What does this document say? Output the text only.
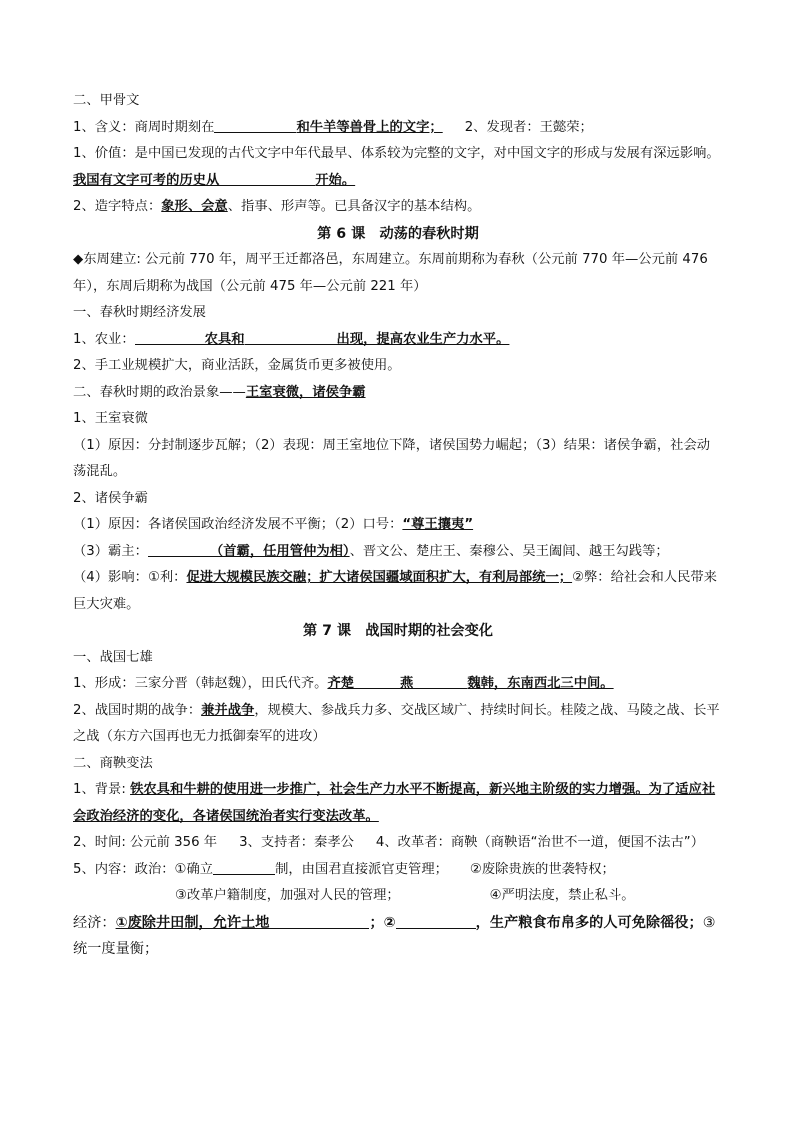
二、甲骨文
1、含义：商周时期刻在	和牛羊等兽骨上的文字； 2、发现者：王懿荣；
1、价值：是中国已发现的古代文字中年代最早、体系较为完整的文字，对中国文字的形成与发展有深远影响。我国有文字可考的历史从	开始。
2、造字特点：象形、会意、指事、形声等。已具备汉字的基本结构。
第 6 课　动荡的春秋时期
◆东周建立: 公元前 770 年，周平王迁都洛邑，东周建立。东周前期称为春秋（公元前 770 年—公元前 476 年），东周后期称为战国（公元前 475 年—公元前 221 年）
一、春秋时期经济发展
1、农业：	农具和	出现，提高农业生产力水平。
2、手工业规模扩大，商业活跃，金属货币更多被使用。
二、春秋时期的政治景象——王室衰微，诸侯争霸
1、王室衰微
（1）原因：分封制逐步瓦解；（2）表现：周王室地位下降，诸侯国势力崛起；（3）结果：诸侯争霸，社会动荡混乱。
2、诸侯争霸
（1）原因：各诸侯国政治经济发展不平衡；（2）口号：“尊王攘夷”
（3）霸主：	（首霸，任用管仲为相）、晋文公、楚庄王、秦穆公、吴王阖闾、越王勾践等；
（4）影响：①利：促进大规模民族交融；扩大诸侯国疆域面积扩大，有利局部统一；②弊：给社会和人民带来巨大灾难。
第 7 课　战国时期的社会变化
一、战国七雄
1、形成：三家分晋（韩赵魏），田氏代齐。齐楚	燕	魏韩，东南西北三中间。
2、战国时期的战争：兼并战争，规模大、参战兵力多、交战区域广、持续时间长。桂陵之战、马陵之战、长平之战（东方六国再也无力抵御秦军的进攻）
二、商鞅变法
1、背景: 铁农具和牛耕的使用进一步推广，社会生产力水平不断提高，新兴地主阶级的实力增强。为了适应社会政治经济的变化，各诸侯国统治者实行变法改革。
2、时间: 公元前 356 年 3、支持者：秦孝公 4、改革者：商鞅（商鞅语“治世不一道，便国不法古”）
5、内容：政治：①确立	制，由国君直接派官吏管理； ②废除贵族的世袭特权；
③改革户籍制度，加强对人民的管理；	④严明法度，禁止私斗。
经济：①废除井田制，允许土地	；②	，生产粮食布帛多的人可免除徭役；③统一度量衡；
